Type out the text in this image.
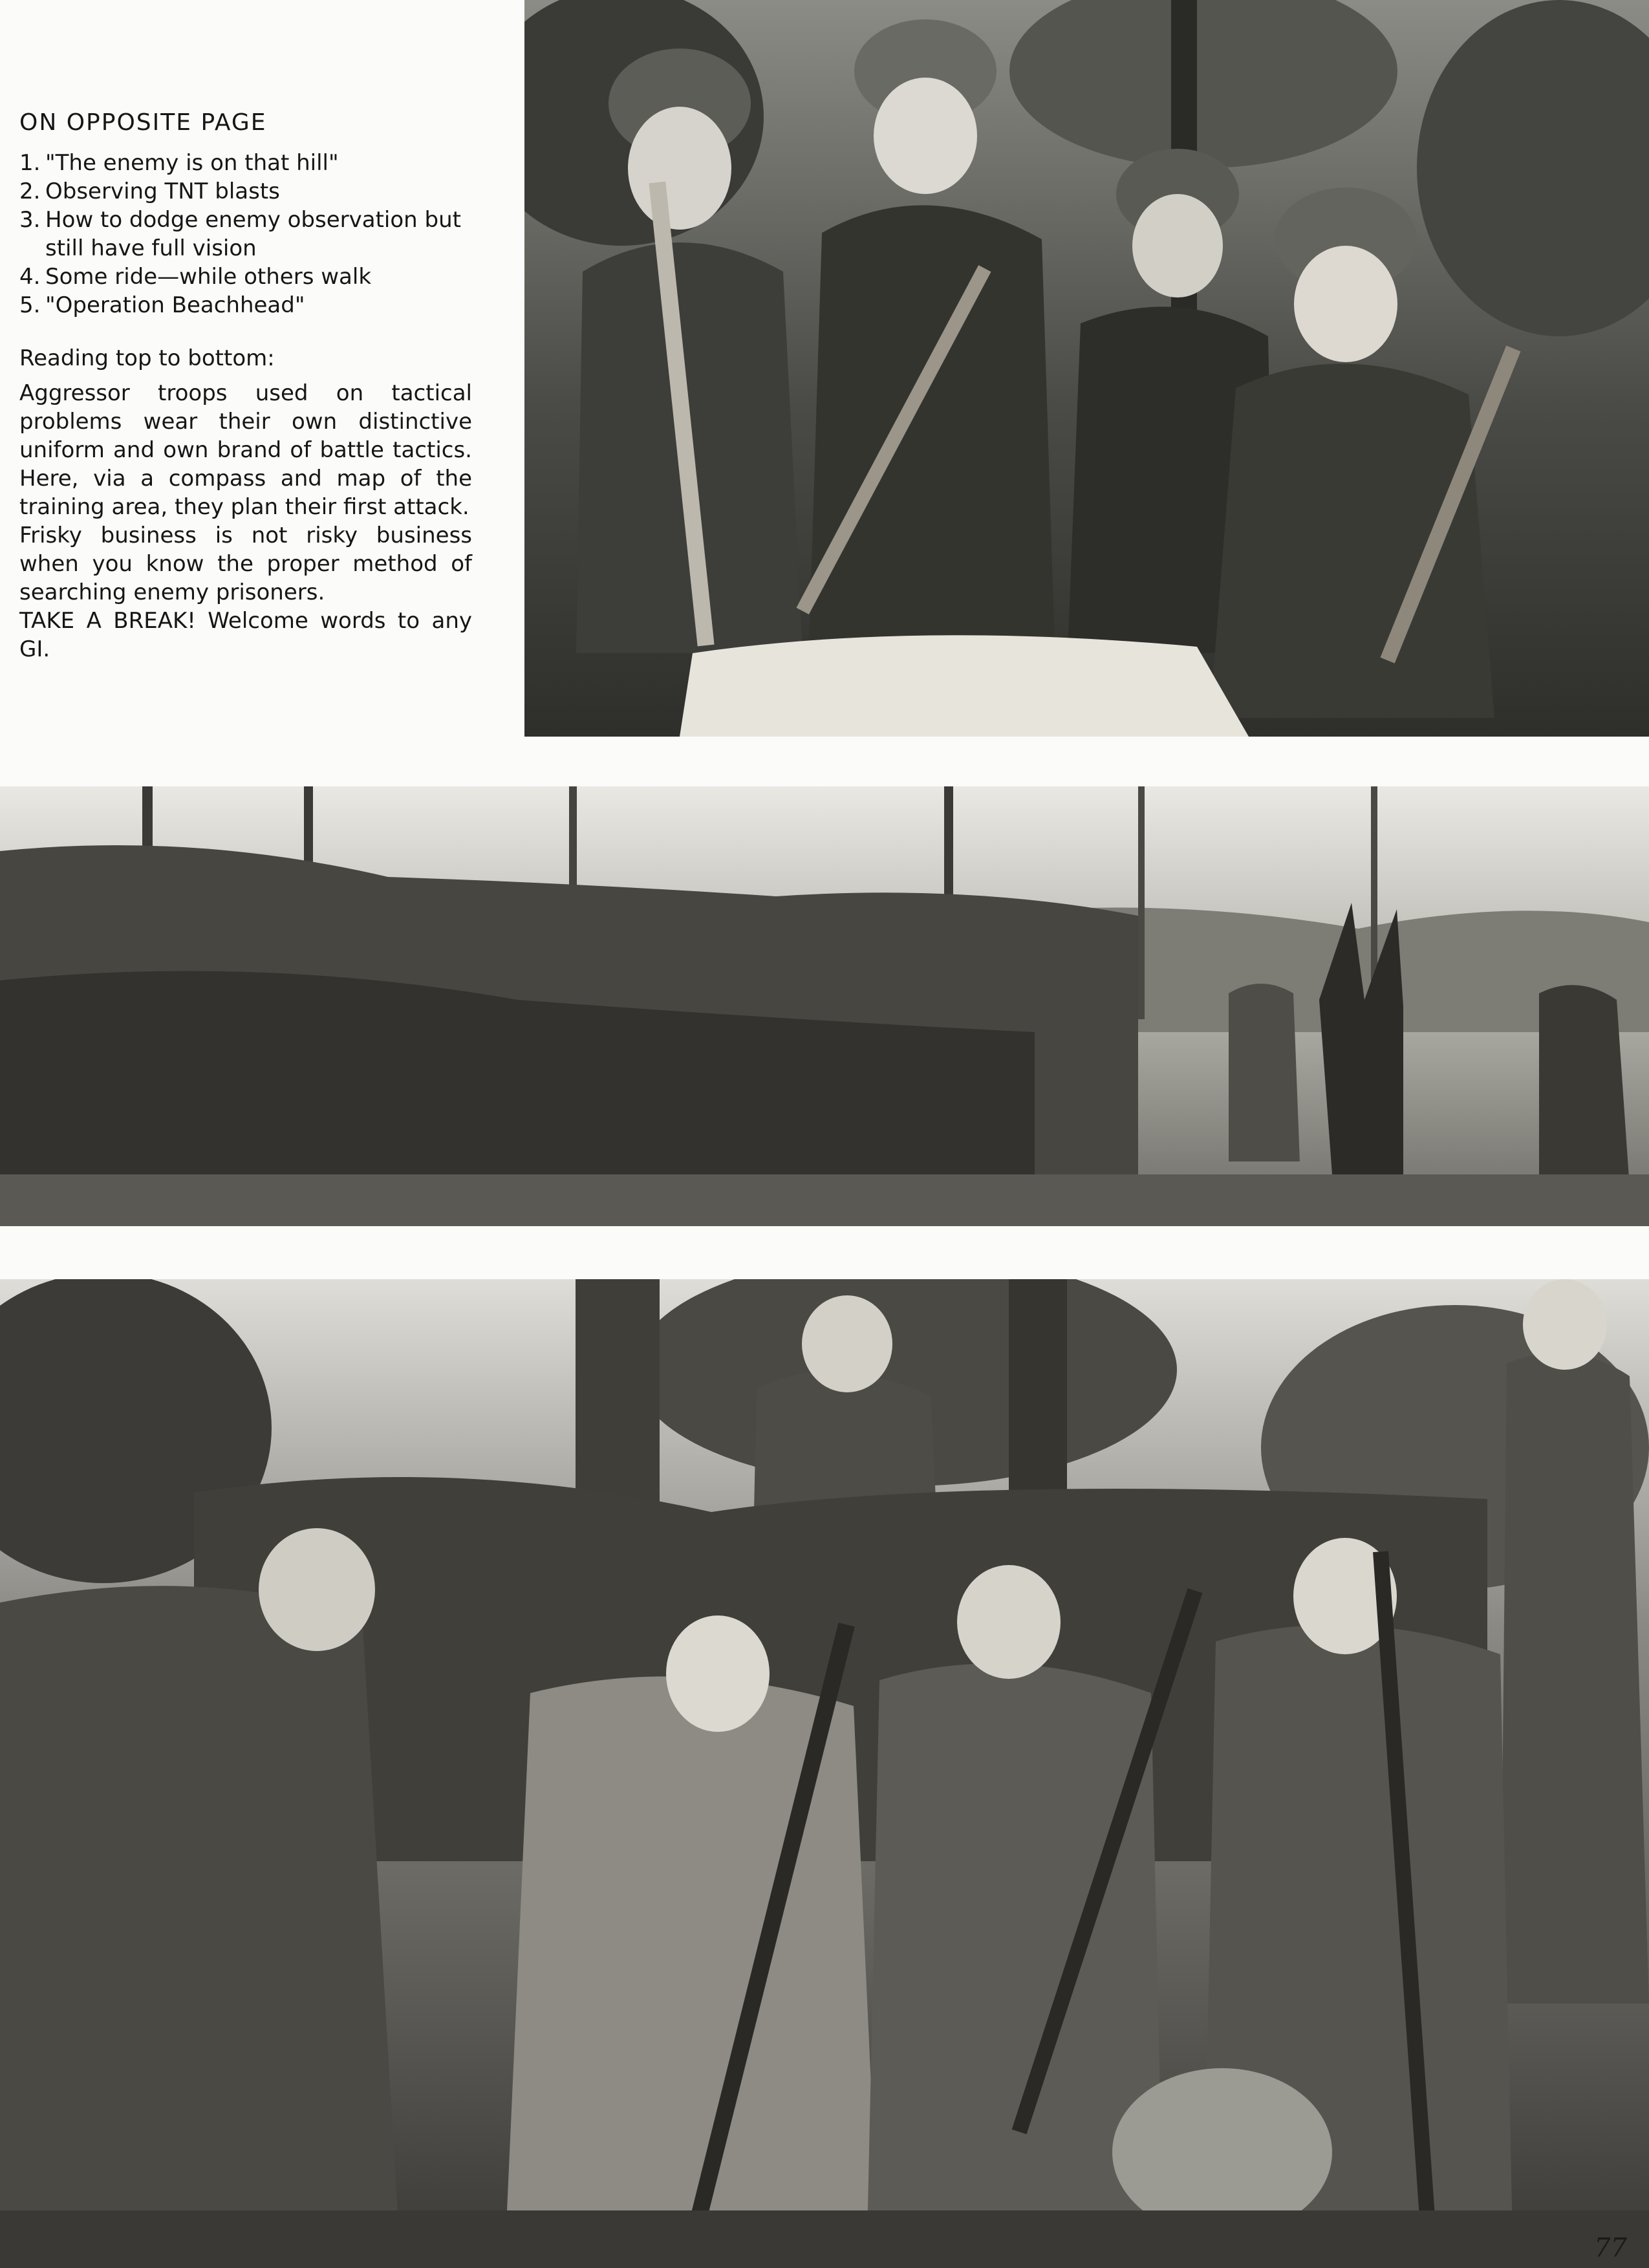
ON OPPOSITE PAGE
1. "The enemy is on that hill"
2. Observing TNT blasts
3. How to dodge enemy observation but still have full vision
4. Some ride—while others walk
5. "Operation Beachhead"
Reading top to bottom:

Aggressor troops used on tactical problems wear their own distinctive uniform and own brand of battle tactics. Here, via a compass and map of the training area, they plan their first attack.

Frisky business is not risky business when you know the proper method of searching enemy prisoners.

TAKE A BREAK! Welcome words to any GI.

77
